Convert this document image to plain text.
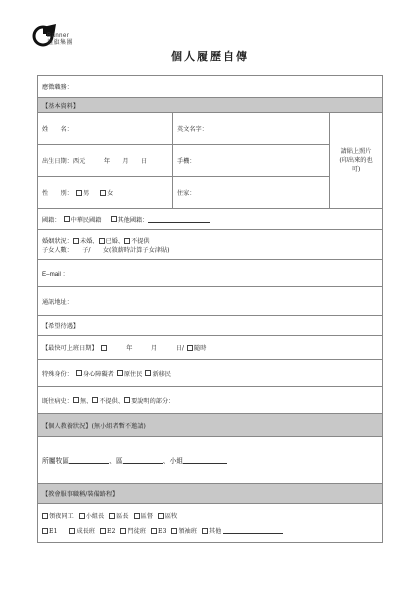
Banner
旌旗集團
個人履歷自傳
應徵職務：
【基本資料】
姓　　名：	英文名字：
出生日期：西元　　　年　　月　　日	手機：
性　　別： 男	女	住家：
請貼上照片
(印出來的也
可)
國籍： 中華民國籍	其他國籍：
婚姻狀況： 未婚、 已婚、 不提供
子女人數：　　子/　　女(敘薪時計算子女津貼)
E–mail ：
通訊地址：
【希望待遇】
【最快可上班日期】 　　　年　　　月　　　日/ 隨時
特殊身份： 身心障礙者 原住民 新移民
既往病史： 無、 不提供、 要說明的部分：
【個人教養狀況】(無小組者暫不邀請)
所屬牧區	、區	、小組
【教會服事職稱/裝備路程】
領夜同工 小組長 區長 區督 區牧
E1	成長班 E2 門徒班 E3 領袖班 其他
